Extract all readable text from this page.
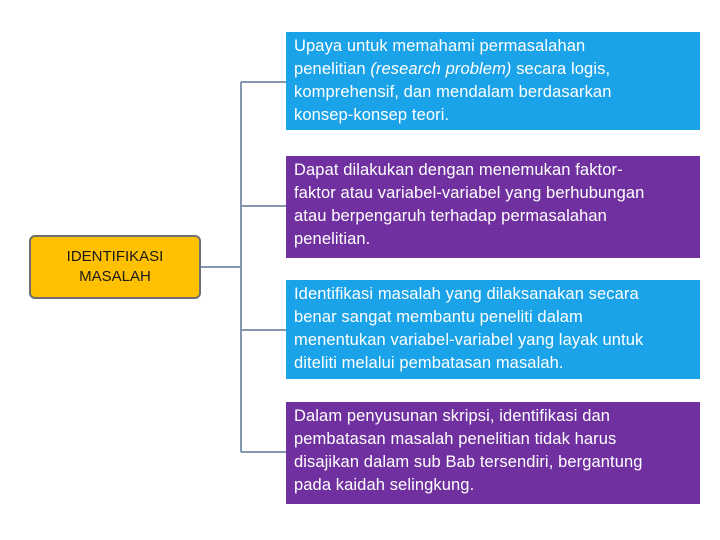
IDENTIFIKASI
MASALAH
Upaya untuk memahami permasalahan
penelitian (research problem) secara logis,
komprehensif, dan mendalam berdasarkan
konsep-konsep teori.
Dapat dilakukan dengan menemukan faktor-
faktor atau variabel-variabel yang berhubungan
atau berpengaruh terhadap permasalahan
penelitian.
Identifikasi masalah yang dilaksanakan secara
benar sangat membantu peneliti dalam
menentukan variabel-variabel yang layak untuk
diteliti melalui pembatasan masalah.
Dalam penyusunan skripsi, identifikasi dan
pembatasan masalah penelitian tidak harus
disajikan dalam sub Bab tersendiri, bergantung
pada kaidah selingkung.
